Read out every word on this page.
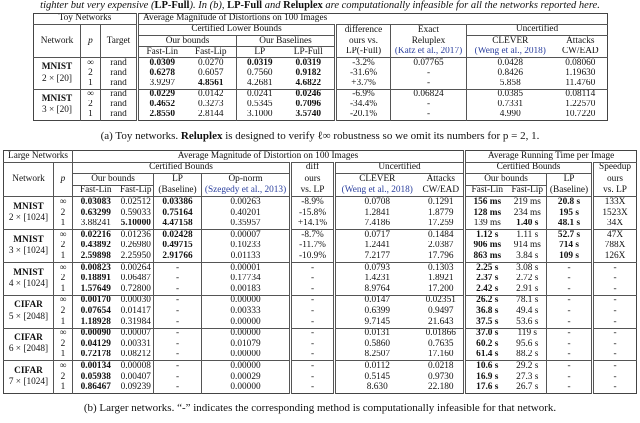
tighter but very expensive (LP-Full). In (b), LP-Full and Reluplex are computationally infeasible for all the networks reported here.
Toy Networks			Average Magnitude of Distortions on 100 Images							
Network	p	Target	Certified Lower Bounds				difference	Exact	Uncertified	
			Our bounds		Our Baselines		ours vs.	Reluplex	CLEVER	Attacks
			Fast-Lin	Fast-Lip	LP	LP-Full	LP(-Full)	(Katz et al., 2017)	(Weng et al., 2018)	CW/EAD

MNIST
2 × [20]	∞	rand	0.0309	0.0270	0.0319	0.0319	-3.2%	0.07765	0.0428	0.08060
	2	rand	0.6278	0.6057	0.7560	0.9182	-31.6%	-	0.8426	1.19630
	1	rand	3.9297	4.8561	4.2681	4.6822	+3.7%	-	5.858	11.4760

MNIST
3 × [20]	∞	rand	0.0229	0.0142	0.0241	0.0246	-6.9%	0.06824	0.0385	0.08114
	2	rand	0.4652	0.3273	0.5345	0.7096	-34.4%	-	0.7331	1.22570
	1	rand	2.8550	2.8144	3.1000	3.5740	-20.1%	-	4.990	10.7220
(a) Toy networks. Reluplex is designed to verify ℓ∞ robustness so we omit its numbers for p = 2, 1.
Large Networks		Average Magnitude of Distortion on 100 Images							Average Running Time per Image			
Network	p	Certified Bounds				diff	Uncertified		Certified Bounds			Speedup
		Our bounds		LP	Op-norm	ours	CLEVER	Attacks	Our bounds		LP	ours
		Fast-Lin	Fast-Lip	(Baseline)	(Szegedy et al., 2013)	vs. LP	(Weng et al., 2018)	CW/EAD	Fast-Lin	Fast-Lip	(Baseline)	vs. LP

MNIST
2 × [1024]	∞	0.03083	0.02512	0.03386	0.00263	-8.9%	0.0708	0.1291	156 ms	219 ms	20.8 s	133X
	2	0.63299	0.59033	0.75164	0.40201	-15.8%	1.2841	1.8779	128 ms	234 ms	195 s	1523X
	1	3.88241	5.10000	4.47158	0.35957	+14.1%	7.4186	17.259	139 ms	1.40 s	48.1 s	34X

MNIST
3 × [1024]	∞	0.02216	0.01236	0.02428	0.00007	-8.7%	0.0717	0.1484	1.12 s	1.11 s	52.7 s	47X
	2	0.43892	0.26980	0.49715	0.10233	-11.7%	1.2441	2.0387	906 ms	914 ms	714 s	788X
	1	2.59898	2.25950	2.91766	0.01133	-10.9%	7.2177	17.796	863 ms	3.84 s	109 s	126X

MNIST
4 × [1024]	∞	0.00823	0.00264	-	0.00001	-	0.0793	0.1303	2.25 s	3.08 s	-	-
	2	0.18891	0.06487	-	0.17734	-	1.4231	1.8921	2.37 s	2.72 s	-	-
	1	1.57649	0.72800	-	0.00183	-	8.9764	17.200	2.42 s	2.91 s	-	-

CIFAR
5 × [2048]	∞	0.00170	0.00030	-	0.00000	-	0.0147	0.02351	26.2 s	78.1 s	-	-
	2	0.07654	0.01417	-	0.00333	-	0.6399	0.9497	36.8 s	49.4 s	-	-
	1	1.18928	0.31984	-	0.00000	-	9.7145	21.643	37.5 s	53.6 s	-	-

CIFAR
6 × [2048]	∞	0.00090	0.00007	-	0.00000	-	0.0131	0.01866	37.0 s	119 s	-	-
	2	0.04129	0.00331	-	0.01079	-	0.5860	0.7635	60.2 s	95.6 s	-	-
	1	0.72178	0.08212	-	0.00000	-	8.2507	17.160	61.4 s	88.2 s	-	-

CIFAR
7 × [1024]	∞	0.00134	0.00008	-	0.00000	-	0.0112	0.0218	10.6 s	29.2 s	-	-
	2	0.05938	0.00407	-	0.00029	-	0.5145	0.9730	16.9 s	27.3 s	-	-
	1	0.86467	0.09239	-	0.00000	-	8.630	22.180	17.6 s	26.7 s	-	-
(b) Larger networks. “-” indicates the corresponding method is computationally infeasible for that network.
